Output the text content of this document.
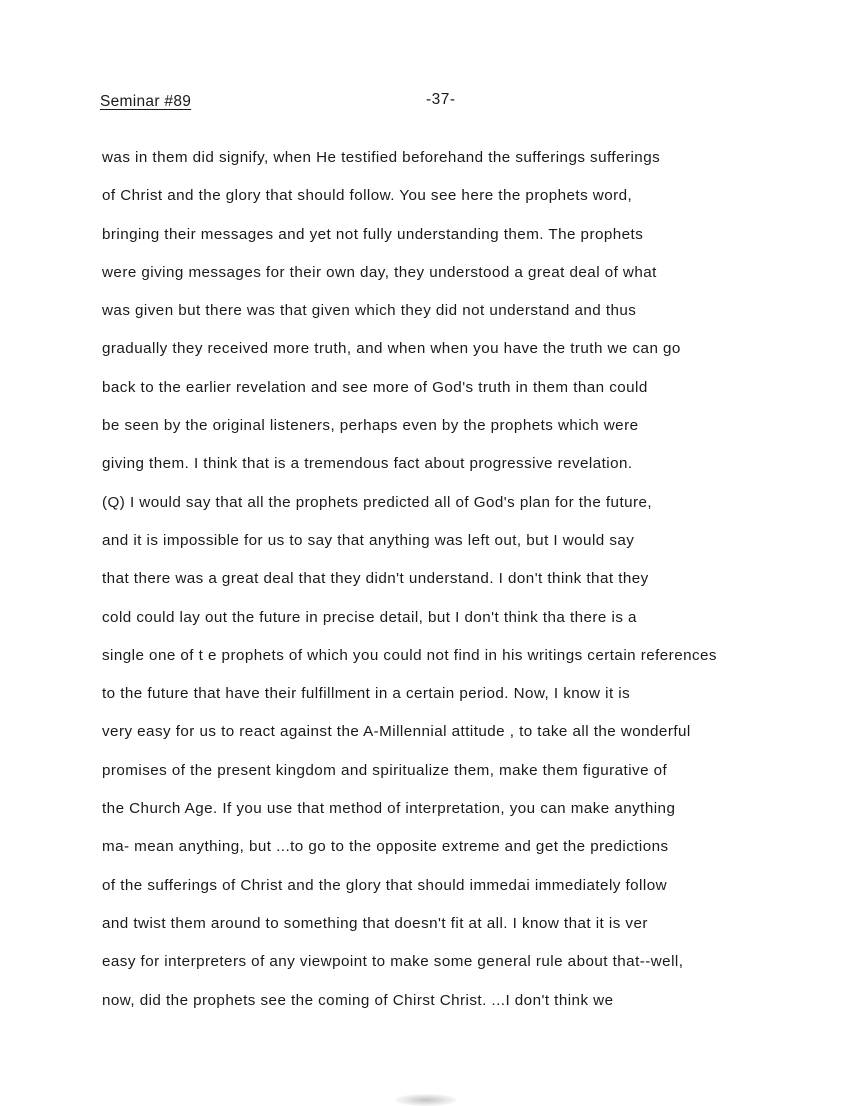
Seminar #89	-37-
was in them did signify, when He testified beforehand the sufferings sufferings
of Christ and the glory that should follow. You see here the prophets word,
bringing their messages and yet not fully understanding them. The prophets
were giving messages for their own day, they understood a great deal of what
was given but there was that given which they did not understand and thus
gradually they received more truth, and when when you have the truth we can go
back to the earlier revelation and see more of God's truth in them than could
be seen by the original listeners, perhaps even by the prophets which were
giving them. I think that is a tremendous fact about progressive revelation.
(Q) I would say that all the prophets predicted all of God's plan for the future,
and it is impossible for us to say that anything was left out, but I would say
that there was a great deal that they didn't understand. I don't think that they
cold could lay out the future in precise detail, but I don't think tha there is a
single one of t e prophets of which you could not find in his writings certain references
to the future that have their fulfillment in a certain period. Now, I know it is
very easy for us to react against the A-Millennial attitude , to take all the wonderful
promises of the present kingdom and spiritualize them, make them figurative of
the Church Age. If you use that method of interpretation, you can make anything
ma- mean anything, but ...to go to the opposite extreme and get the predictions
of the sufferings of Christ and the glory that should immedai immediately follow
and twist them around to something that doesn't fit at all. I know that it is ver
easy for interpreters of any viewpoint to make some general rule about that--well,
now, did the prophets see the coming of Chirst Christ. ...I don't think we
